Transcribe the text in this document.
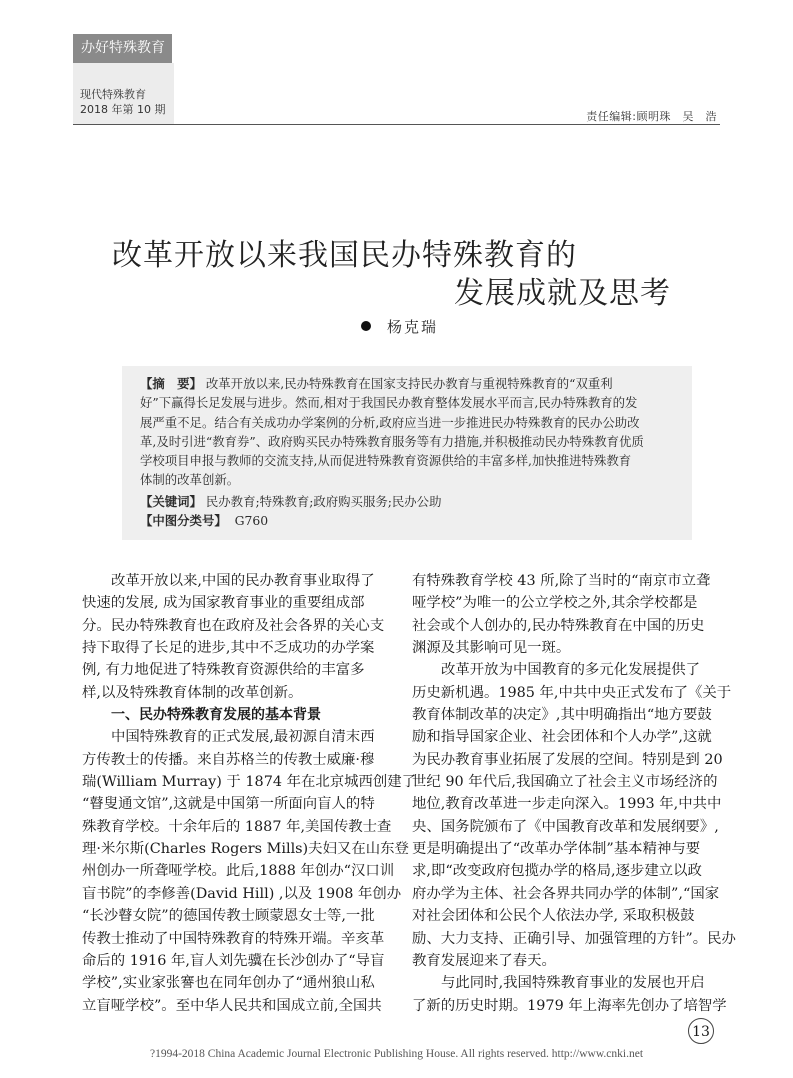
办好特殊教育
现代特殊教育
2018 年第 10 期
责任编辑:顾明珠　吴　浩
改革开放以来我国民办特殊教育的
发展成就及思考
杨克瑞
【摘　要】 改革开放以来,民办特殊教育在国家支持民办教育与重视特殊教育的“双重利
好”下赢得长足发展与进步。然而,相对于我国民办教育整体发展水平而言,民办特殊教育的发
展严重不足。结合有关成功办学案例的分析,政府应当进一步推进民办特殊教育的民办公助改
革,及时引进“教育券”、政府购买民办特殊教育服务等有力措施,并积极推动民办特殊教育优质
学校项目申报与教师的交流支持,从而促进特殊教育资源供给的丰富多样,加快推进特殊教育
体制的改革创新。
【关键词】 民办教育;特殊教育;政府购买服务;民办公助
【中图分类号】 G760
改革开放以来,中国的民办教育事业取得了
快速的发展, 成为国家教育事业的重要组成部
分。民办特殊教育也在政府及社会各界的关心支
持下取得了长足的进步,其中不乏成功的办学案
例, 有力地促进了特殊教育资源供给的丰富多
样,以及特殊教育体制的改革创新。
一、民办特殊教育发展的基本背景
中国特殊教育的正式发展,最初源自清末西
方传教士的传播。来自苏格兰的传教士威廉·穆
瑞(William Murray) 于 1874 年在北京城西创建了
“瞽叟通文馆”,这就是中国第一所面向盲人的特
殊教育学校。十余年后的 1887 年,美国传教士查
理·米尔斯(Charles Rogers Mills)夫妇又在山东登
州创办一所聋哑学校。此后,1888 年创办“汉口训
盲书院”的李修善(David Hill) ,以及 1908 年创办
“长沙瞽女院”的德国传教士顾蒙恩女士等,一批
传教士推动了中国特殊教育的特殊开端。辛亥革
命后的 1916 年,盲人刘先骥在长沙创办了“导盲
学校”,实业家张謇也在同年创办了“通州狼山私
立盲哑学校”。至中华人民共和国成立前,全国共
有特殊教育学校 43 所,除了当时的“南京市立聋
哑学校”为唯一的公立学校之外,其余学校都是
社会或个人创办的,民办特殊教育在中国的历史
渊源及其影响可见一斑。
改革开放为中国教育的多元化发展提供了
历史新机遇。1985 年,中共中央正式发布了《关于
教育体制改革的决定》,其中明确指出“地方要鼓
励和指导国家企业、社会团体和个人办学”,这就
为民办教育事业拓展了发展的空间。特别是到 20
世纪 90 年代后,我国确立了社会主义市场经济的
地位,教育改革进一步走向深入。1993 年,中共中
央、国务院颁布了《中国教育改革和发展纲要》,
更是明确提出了“改革办学体制”基本精神与要
求,即“改变政府包揽办学的格局,逐步建立以政
府办学为主体、社会各界共同办学的体制”,“国家
对社会团体和公民个人依法办学, 采取积极鼓
励、大力支持、正确引导、加强管理的方针”。民办
教育发展迎来了春天。
与此同时,我国特殊教育事业的发展也开启
了新的历史时期。1979 年上海率先创办了培智学
13
?1994-2018 China Academic Journal Electronic Publishing House. All rights reserved. http://www.cnki.net
